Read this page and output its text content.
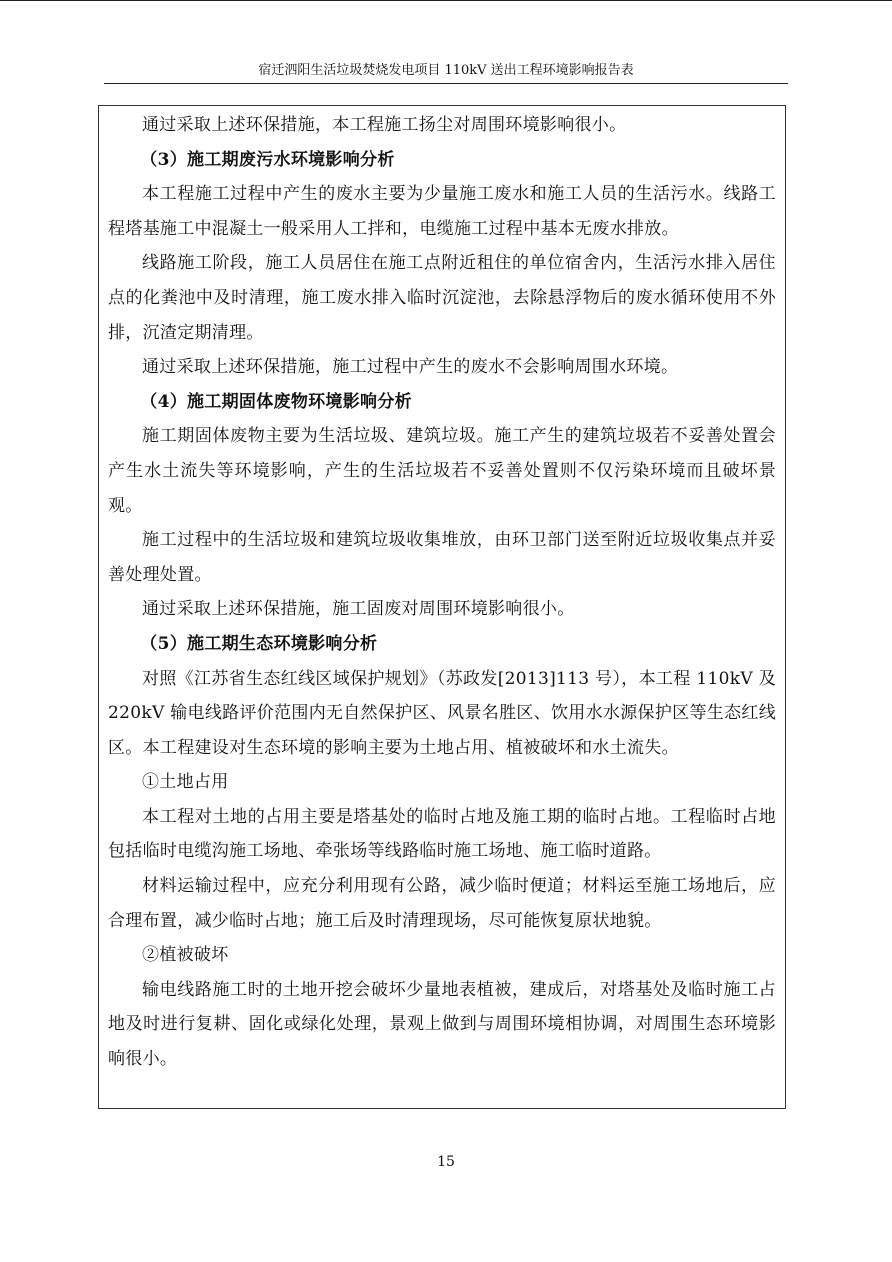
宿迁泗阳生活垃圾焚烧发电项目 110kV 送出工程环境影响报告表

通过采取上述环保措施，本工程施工扬尘对周围环境影响很小。

（3）施工期废污水环境影响分析

本工程施工过程中产生的废水主要为少量施工废水和施工人员的生活污水。线路工程塔基施工中混凝土一般采用人工拌和，电缆施工过程中基本无废水排放。

线路施工阶段，施工人员居住在施工点附近租住的单位宿舍内，生活污水排入居住点的化粪池中及时清理，施工废水排入临时沉淀池，去除悬浮物后的废水循环使用不外排，沉渣定期清理。

通过采取上述环保措施，施工过程中产生的废水不会影响周围水环境。

（4）施工期固体废物环境影响分析

施工期固体废物主要为生活垃圾、建筑垃圾。施工产生的建筑垃圾若不妥善处置会产生水土流失等环境影响，产生的生活垃圾若不妥善处置则不仅污染环境而且破坏景观。

施工过程中的生活垃圾和建筑垃圾收集堆放，由环卫部门送至附近垃圾收集点并妥善处理处置。

通过采取上述环保措施，施工固废对周围环境影响很小。

（5）施工期生态环境影响分析

对照《江苏省生态红线区域保护规划》（苏政发[2013]113 号），本工程 110kV 及 220kV 输电线路评价范围内无自然保护区、风景名胜区、饮用水水源保护区等生态红线区。本工程建设对生态环境的影响主要为土地占用、植被破坏和水土流失。

①土地占用

本工程对土地的占用主要是塔基处的临时占地及施工期的临时占地。工程临时占地包括临时电缆沟施工场地、牵张场等线路临时施工场地、施工临时道路。

材料运输过程中，应充分利用现有公路，减少临时便道；材料运至施工场地后，应合理布置，减少临时占地；施工后及时清理现场，尽可能恢复原状地貌。

②植被破坏

输电线路施工时的土地开挖会破坏少量地表植被，建成后，对塔基处及临时施工占地及时进行复耕、固化或绿化处理，景观上做到与周围环境相协调，对周围生态环境影响很小。

15
